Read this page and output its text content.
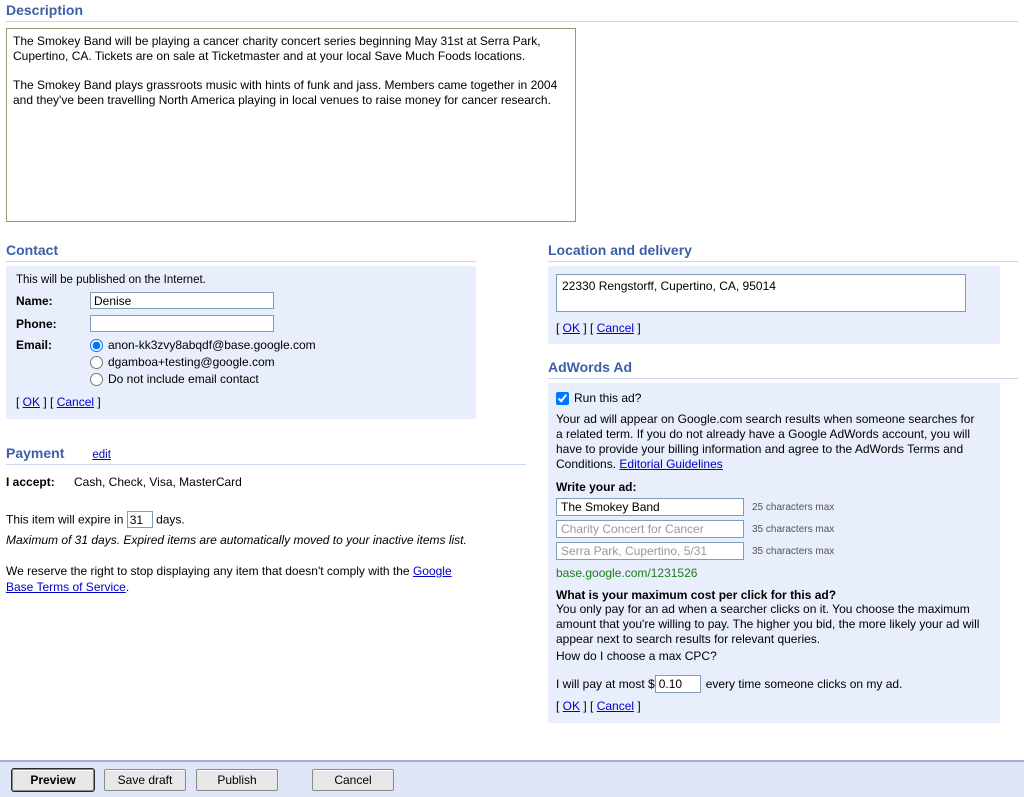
Description

The Smokey Band will be playing a cancer charity concert series beginning May 31st at Serra Park, Cupertino, CA. Tickets are on sale at Ticketmaster and at your local Save Much Foods locations.

The Smokey Band plays grassroots music with hints of funk and jass. Members came together in 2004 and they've been travelling North America playing in local venues to raise money for cancer research.

Contact
This will be published on the Internet.
Name:
Denise
Phone:
Email:	anon-kk3zvy8abqdf@base.google.com
dgamboa+testing@google.com
Do not include email contact
[ OK ] [ Cancel ]
Payment edit
I accept:	Cash, Check, Visa, MasterCard
This item will expire in 31	days.
Maximum of 31 days. Expired items are automatically moved to your inactive items list.
We reserve the right to stop displaying any item that doesn't comply with the Google Base Terms of Service.
Location and delivery
22330 Rengstorff, Cupertino, CA, 95014
[ OK ] [ Cancel ]
AdWords Ad
Run this ad?
Your ad will appear on Google.com search results when someone searches for a related term. If you do not already have a Google AdWords account, you will have to provide your billing information and agree to the AdWords Terms and Conditions. Editorial Guidelines
Write your ad:
The Smokey Band
25 characters max
Charity Concert for Cancer
35 characters max
Serra Park, Cupertino, 5/31
35 characters max
base.google.com/1231526
What is your maximum cost per click for this ad?
You only pay for an ad when a searcher clicks on it. You choose the maximum amount that you're willing to pay. The higher you bid, the more likely your ad will appear next to search results for relevant queries.
How do I choose a max CPC?
I will pay at most $
0.10	every time someone clicks on my ad.
[ OK ] [ Cancel ]
Preview	Save draft	Publish	Cancel
